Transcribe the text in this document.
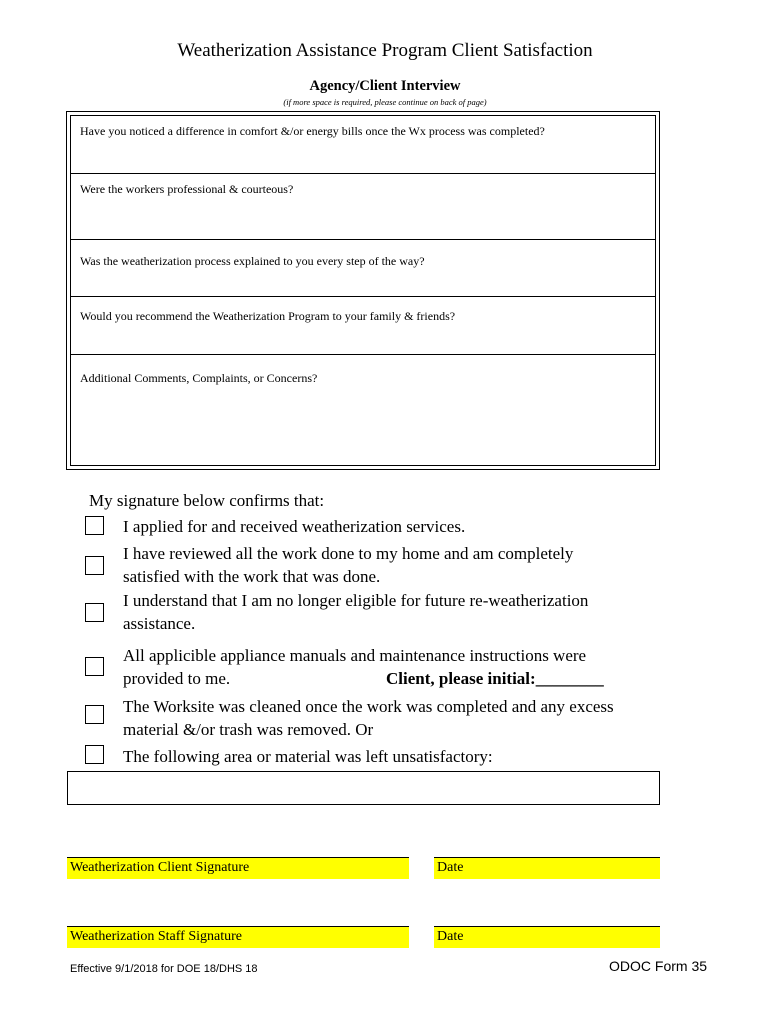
Weatherization Assistance Program Client Satisfaction
Agency/Client Interview
(if more space is required, please continue on back of page)
Have you noticed a difference in comfort &/or energy bills once the Wx process was completed?
Were the workers professional & courteous?
Was the weatherization process explained to you every step of the way?
Would you recommend the Weatherization Program to your family & friends?
Additional Comments, Complaints, or Concerns?
My signature below confirms that:
I applied for and received weatherization services.
I have reviewed all the work done to my home and am completely
satisfied with the work that was done.
I understand that I am no longer eligible for future re-weatherization
assistance.
All applicible appliance manuals and maintenance instructions were
provided to me.	Client, please initial:________
The Worksite was cleaned once the work was completed and any excess
material &/or trash was removed. Or
The following area or material was left unsatisfactory:
Weatherization Client Signature	Date
Weatherization Staff Signature	Date
Effective 9/1/2018 for DOE 18/DHS 18	ODOC Form 35
